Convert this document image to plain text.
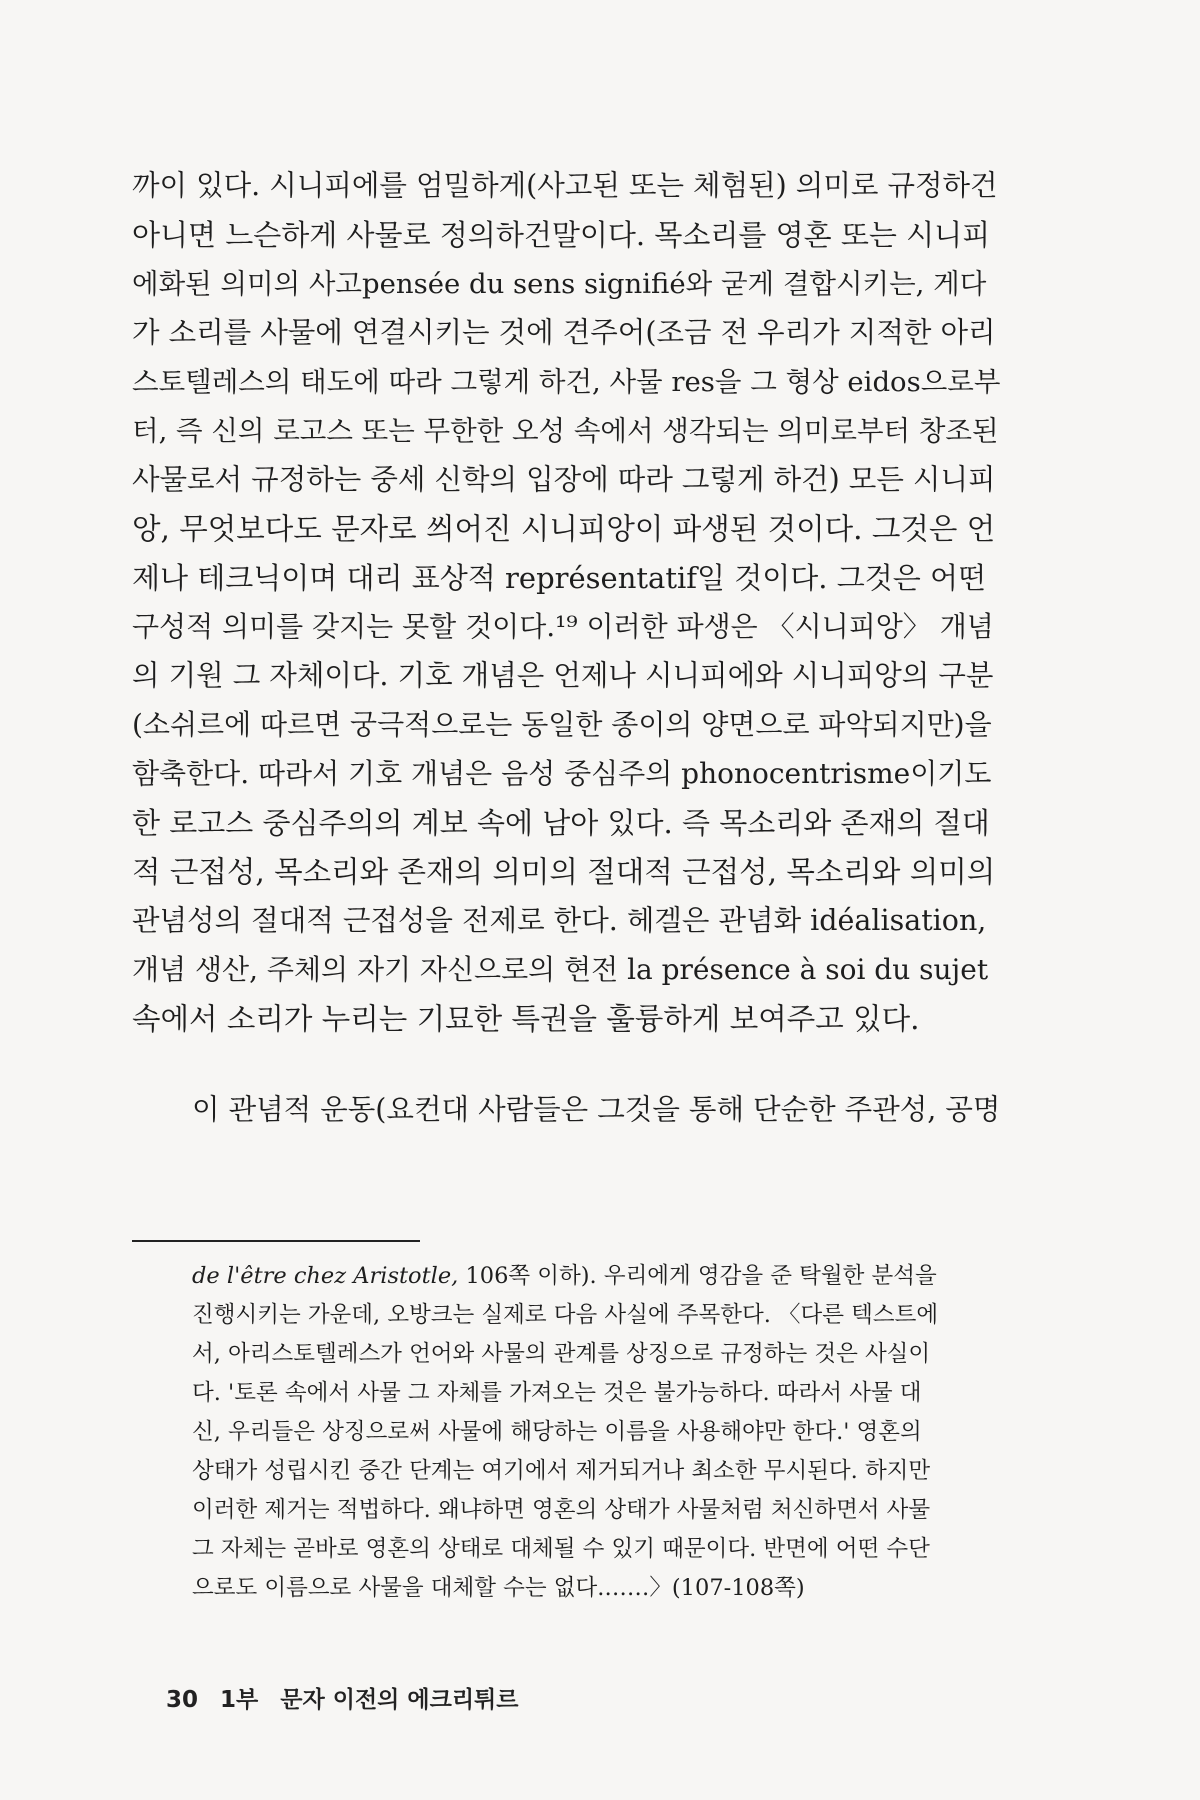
까이 있다. 시니피에를 엄밀하게(사고된 또는 체험된) 의미로 규정하건
아니면 느슨하게 사물로 정의하건말이다. 목소리를 영혼 또는 시니피
에화된 의미의 사고pensée du sens signifié와 굳게 결합시키는, 게다
가 소리를 사물에 연결시키는 것에 견주어(조금 전 우리가 지적한 아리
스토텔레스의 태도에 따라 그렇게 하건, 사물 res을 그 형상 eidos으로부
터, 즉 신의 로고스 또는 무한한 오성 속에서 생각되는 의미로부터 창조된
사물로서 규정하는 중세 신학의 입장에 따라 그렇게 하건) 모든 시니피
앙, 무엇보다도 문자로 씌어진 시니피앙이 파생된 것이다. 그것은 언
제나 테크닉이며 대리 표상적 représentatif일 것이다. 그것은 어떤
구성적 의미를 갖지는 못할 것이다.¹⁹ 이러한 파생은 〈시니피앙〉 개념
의 기원 그 자체이다. 기호 개념은 언제나 시니피에와 시니피앙의 구분
(소쉬르에 따르면 궁극적으로는 동일한 종이의 양면으로 파악되지만)을
함축한다. 따라서 기호 개념은 음성 중심주의 phonocentrisme이기도
한 로고스 중심주의의 계보 속에 남아 있다. 즉 목소리와 존재의 절대
적 근접성, 목소리와 존재의 의미의 절대적 근접성, 목소리와 의미의
관념성의 절대적 근접성을 전제로 한다. 헤겔은 관념화 idéalisation,
개념 생산, 주체의 자기 자신으로의 현전 la présence à soi du sujet
속에서 소리가 누리는 기묘한 특권을 훌륭하게 보여주고 있다.
이 관념적 운동(요컨대 사람들은 그것을 통해 단순한 주관성, 공명
de l'être chez Aristotle, 106쪽 이하). 우리에게 영감을 준 탁월한 분석을
진행시키는 가운데, 오방크는 실제로 다음 사실에 주목한다. 〈다른 텍스트에
서, 아리스토텔레스가 언어와 사물의 관계를 상징으로 규정하는 것은 사실이
다. '토론 속에서 사물 그 자체를 가져오는 것은 불가능하다. 따라서 사물 대
신, 우리들은 상징으로써 사물에 해당하는 이름을 사용해야만 한다.' 영혼의
상태가 성립시킨 중간 단계는 여기에서 제거되거나 최소한 무시된다. 하지만
이러한 제거는 적법하다. 왜냐하면 영혼의 상태가 사물처럼 처신하면서 사물
그 자체는 곧바로 영혼의 상태로 대체될 수 있기 때문이다. 반면에 어떤 수단
으로도 이름으로 사물을 대체할 수는 없다.……〉(107-108쪽)
30 1부 문자 이전의 에크리튀르
